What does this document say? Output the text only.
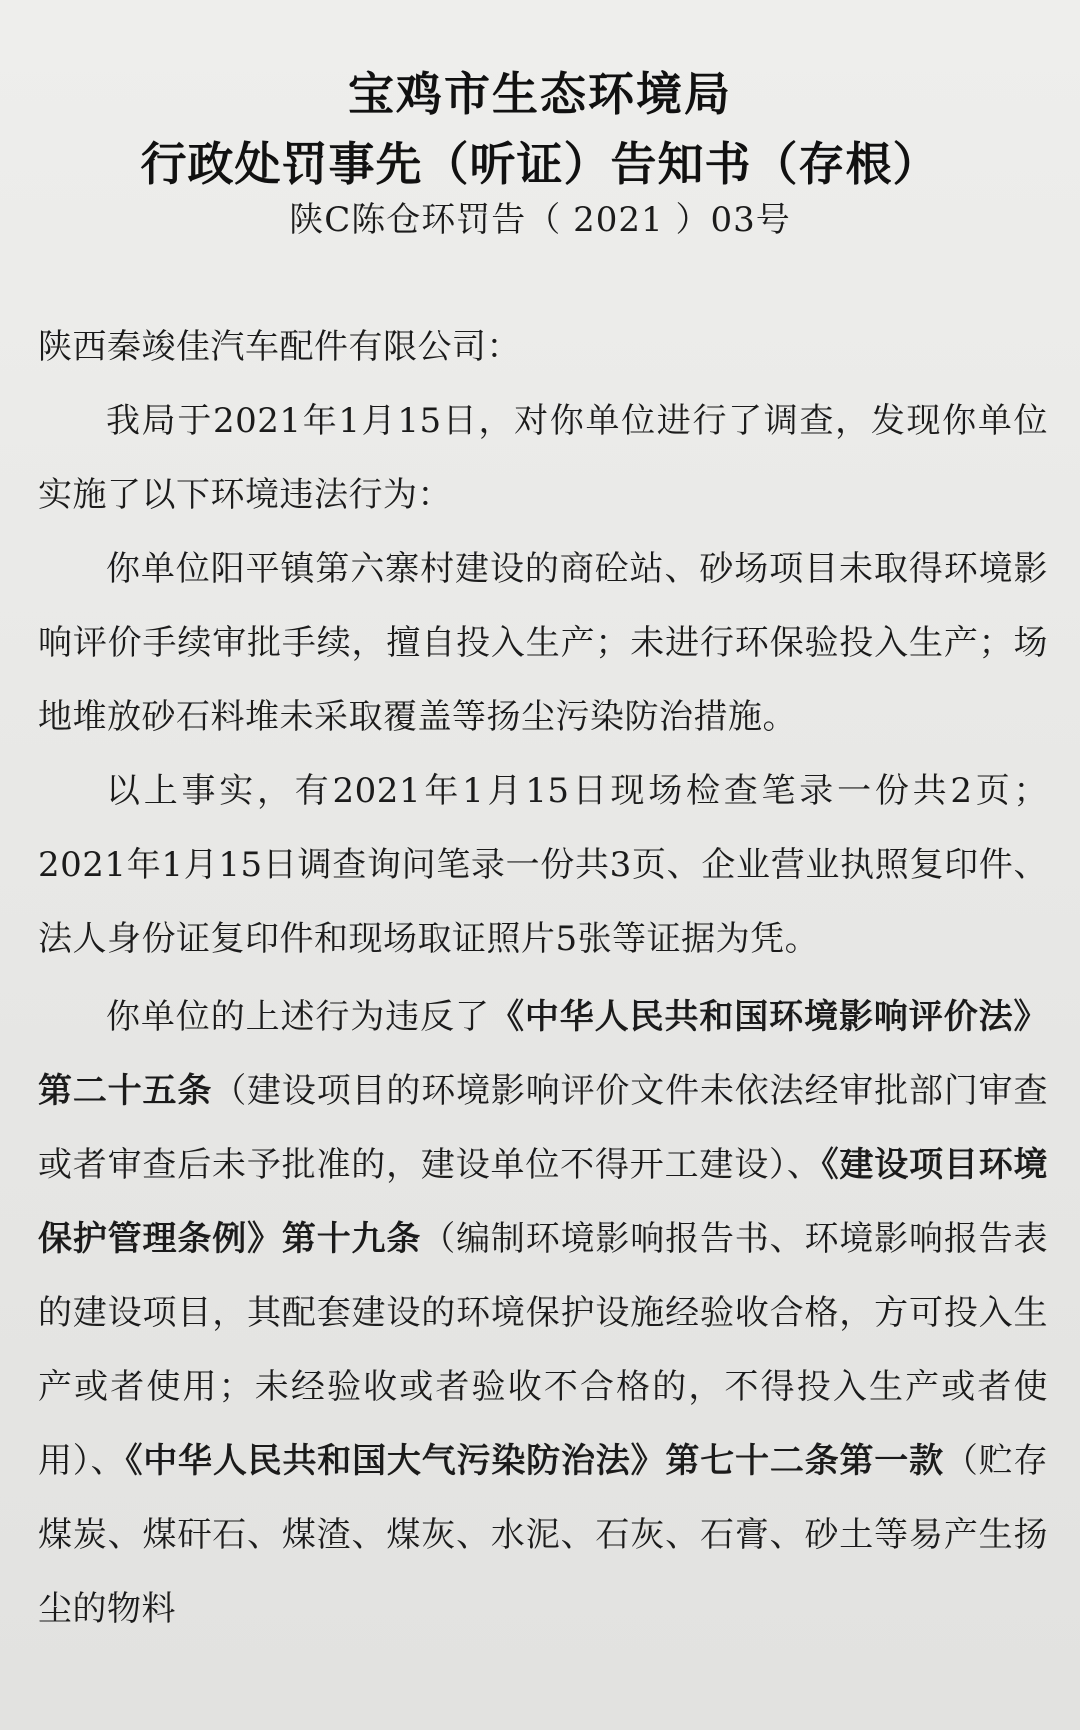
宝鸡市生态环境局
行政处罚事先（听证）告知书（存根）
陕C陈仓环罚告（ 2021 ）03号

陕西秦竣佳汽车配件有限公司：

我局于2021年1月15日，对你单位进行了调查，发现你单位实施了以下环境违法行为：

你单位阳平镇第六寨村建设的商砼站、砂场项目未取得环境影响评价手续审批手续，擅自投入生产；未进行环保验投入生产；场地堆放砂石料堆未采取覆盖等扬尘污染防治措施。

以上事实，有2021年1月15日现场检查笔录一份共2页；2021年1月15日调查询问笔录一份共3页、企业营业执照复印件、法人身份证复印件和现场取证照片5张等证据为凭。

你单位的上述行为违反了《中华人民共和国环境影响评价法》第二十五条（建设项目的环境影响评价文件未依法经审批部门审查或者审查后未予批准的，建设单位不得开工建设）、《建设项目环境保护管理条例》第十九条（编制环境影响报告书、环境影响报告表的建设项目，其配套建设的环境保护设施经验收合格，方可投入生产或者使用；未经验收或者验收不合格的，不得投入生产或者使用）、《中华人民共和国大气污染防治法》第七十二条第一款（贮存煤炭、煤矸石、煤渣、煤灰、水泥、石灰、石膏、砂土等易产生扬尘的物料
